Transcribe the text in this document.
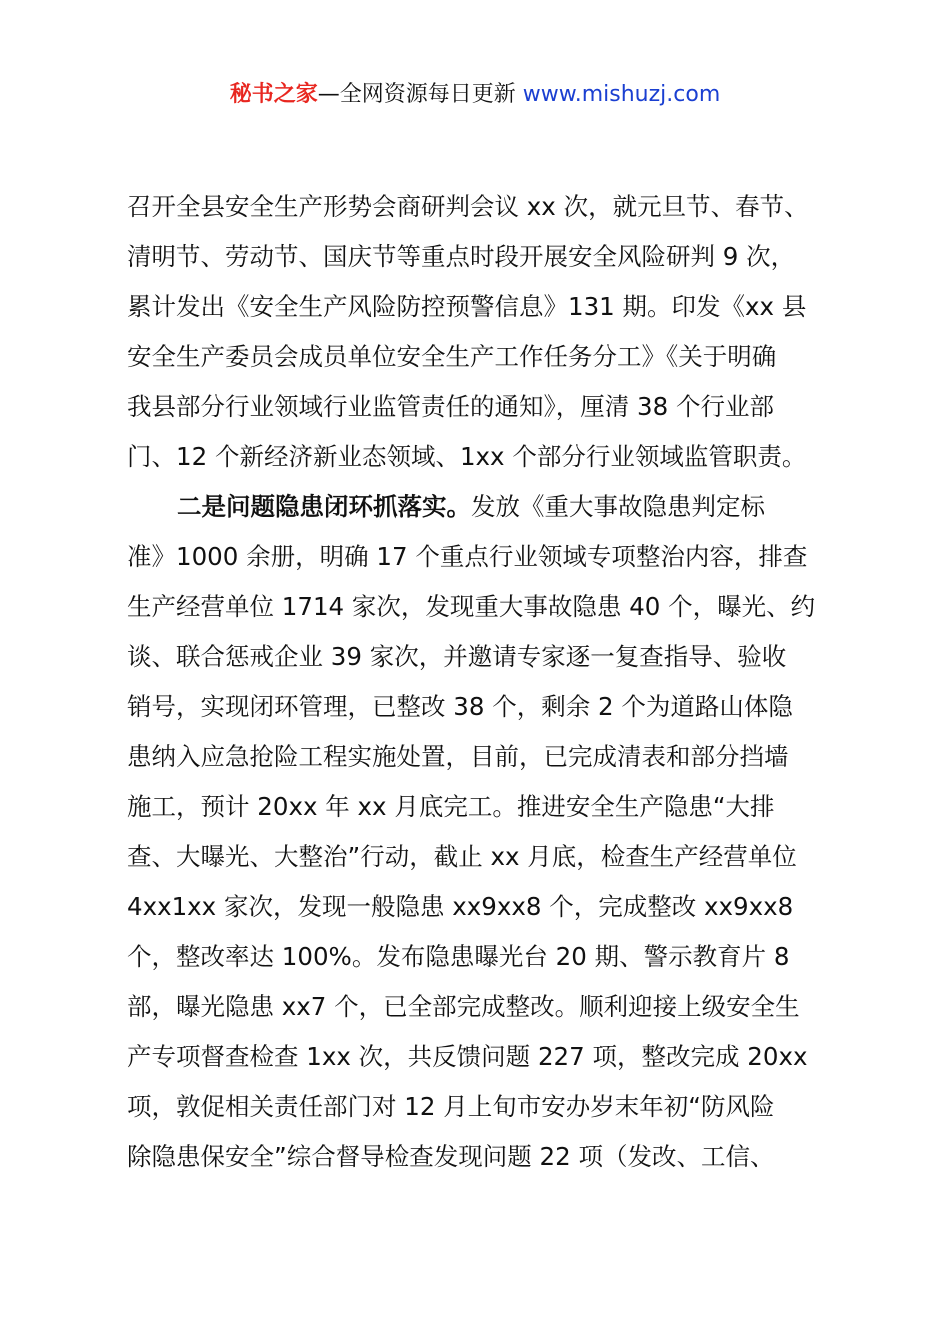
秘书之家—全网资源每日更新 www.mishuzj.com
召开全县安全生产形势会商研判会议 xx 次，就元旦节、春节、
清明节、劳动节、国庆节等重点时段开展安全风险研判 9 次，
累计发出《安全生产风险防控预警信息》131 期。印发《xx 县
安全生产委员会成员单位安全生产工作任务分工》《关于明确
我县部分行业领域行业监管责任的通知》，厘清 38 个行业部
门、12 个新经济新业态领域、1xx 个部分行业领域监管职责。
二是问题隐患闭环抓落实。发放《重大事故隐患判定标
准》1000 余册，明确 17 个重点行业领域专项整治内容，排查
生产经营单位 1714 家次，发现重大事故隐患 40 个，曝光、约
谈、联合惩戒企业 39 家次，并邀请专家逐一复查指导、验收
销号，实现闭环管理，已整改 38 个，剩余 2 个为道路山体隐
患纳入应急抢险工程实施处置，目前，已完成清表和部分挡墙
施工，预计 20xx 年 xx 月底完工。推进安全生产隐患“大排
查、大曝光、大整治”行动，截止 xx 月底，检查生产经营单位
4xx1xx 家次，发现一般隐患 xx9xx8 个，完成整改 xx9xx8
个，整改率达 100%。发布隐患曝光台 20 期、警示教育片 8
部，曝光隐患 xx7 个，已全部完成整改。顺利迎接上级安全生
产专项督查检查 1xx 次，共反馈问题 227 项，整改完成 20xx
项，敦促相关责任部门对 12 月上旬市安办岁末年初“防风险
除隐患保安全”综合督导检查发现问题 22 项（发改、工信、
